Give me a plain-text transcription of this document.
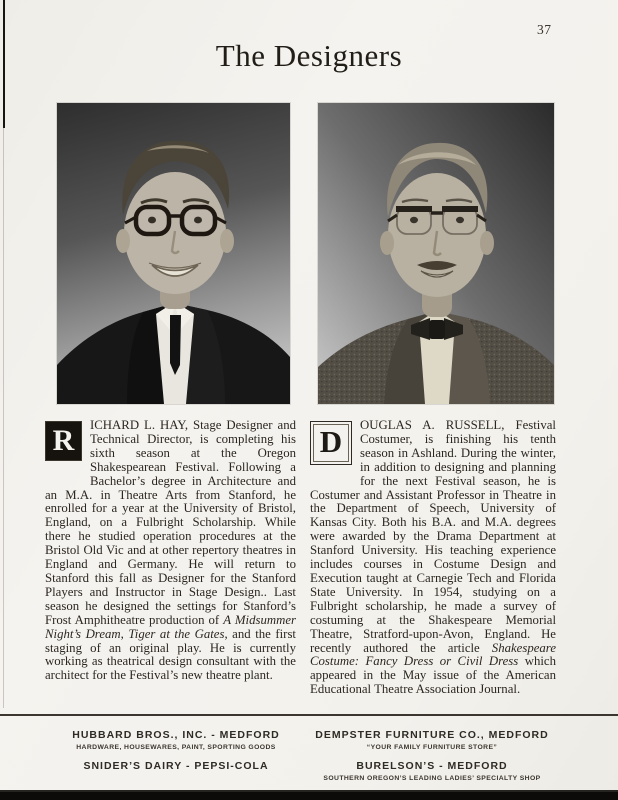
37
The Designers

R	ICHARD L. HAY, Stage Designer and Technical Director, is completing his sixth season at the Oregon Shakespearean Festival. Following a Bachelor’s degree in Architecture and an M.A. in Theatre Arts from Stanford, he enrolled for a year at the University of Bristol, England, on a Fulbright Scholarship. While there he studied operation procedures at the Bristol Old Vic and at other repertory theatres in England and Germany. He will return to Stanford this fall as Designer for the Stanford Players and Instructor in Stage Design.. Last season he designed the settings for Stanford’s Frost Amphitheatre production of A Midsummer Night’s Dream, Tiger at the Gates, and the first staging of an original play. He is currently working as theatrical design consultant with the architect for the Festival’s new theatre plant.

D	OUGLAS A. RUSSELL, Festival Costumer, is finishing his tenth season in Ashland. During the winter, in addition to designing and planning for the next Festival season, he is Costumer and Assistant Professor in Theatre in the Department of Speech, University of Kansas City. Both his B.A. and M.A. degrees were awarded by the Drama Department at Stanford University. His teaching experience includes courses in Costume Design and Execution taught at Carnegie Tech and Florida State University. In 1954, studying on a Fulbright scholarship, he made a survey of costuming at the Shakespeare Memorial Theatre, Stratford-upon-Avon, England. He recently authored the article Shakespeare Costume: Fancy Dress or Civil Dress which appeared in the May issue of the American Educational Theatre Association Journal.

HUBBARD BROS., INC. - MEDFORD
HARDWARE, HOUSEWARES, PAINT, SPORTING GOODS
SNIDER’S DAIRY - PEPSI-COLA
DEMPSTER FURNITURE CO., MEDFORD
“YOUR FAMILY FURNITURE STORE”
BURELSON’S - MEDFORD
SOUTHERN OREGON’S LEADING LADIES’ SPECIALTY SHOP
